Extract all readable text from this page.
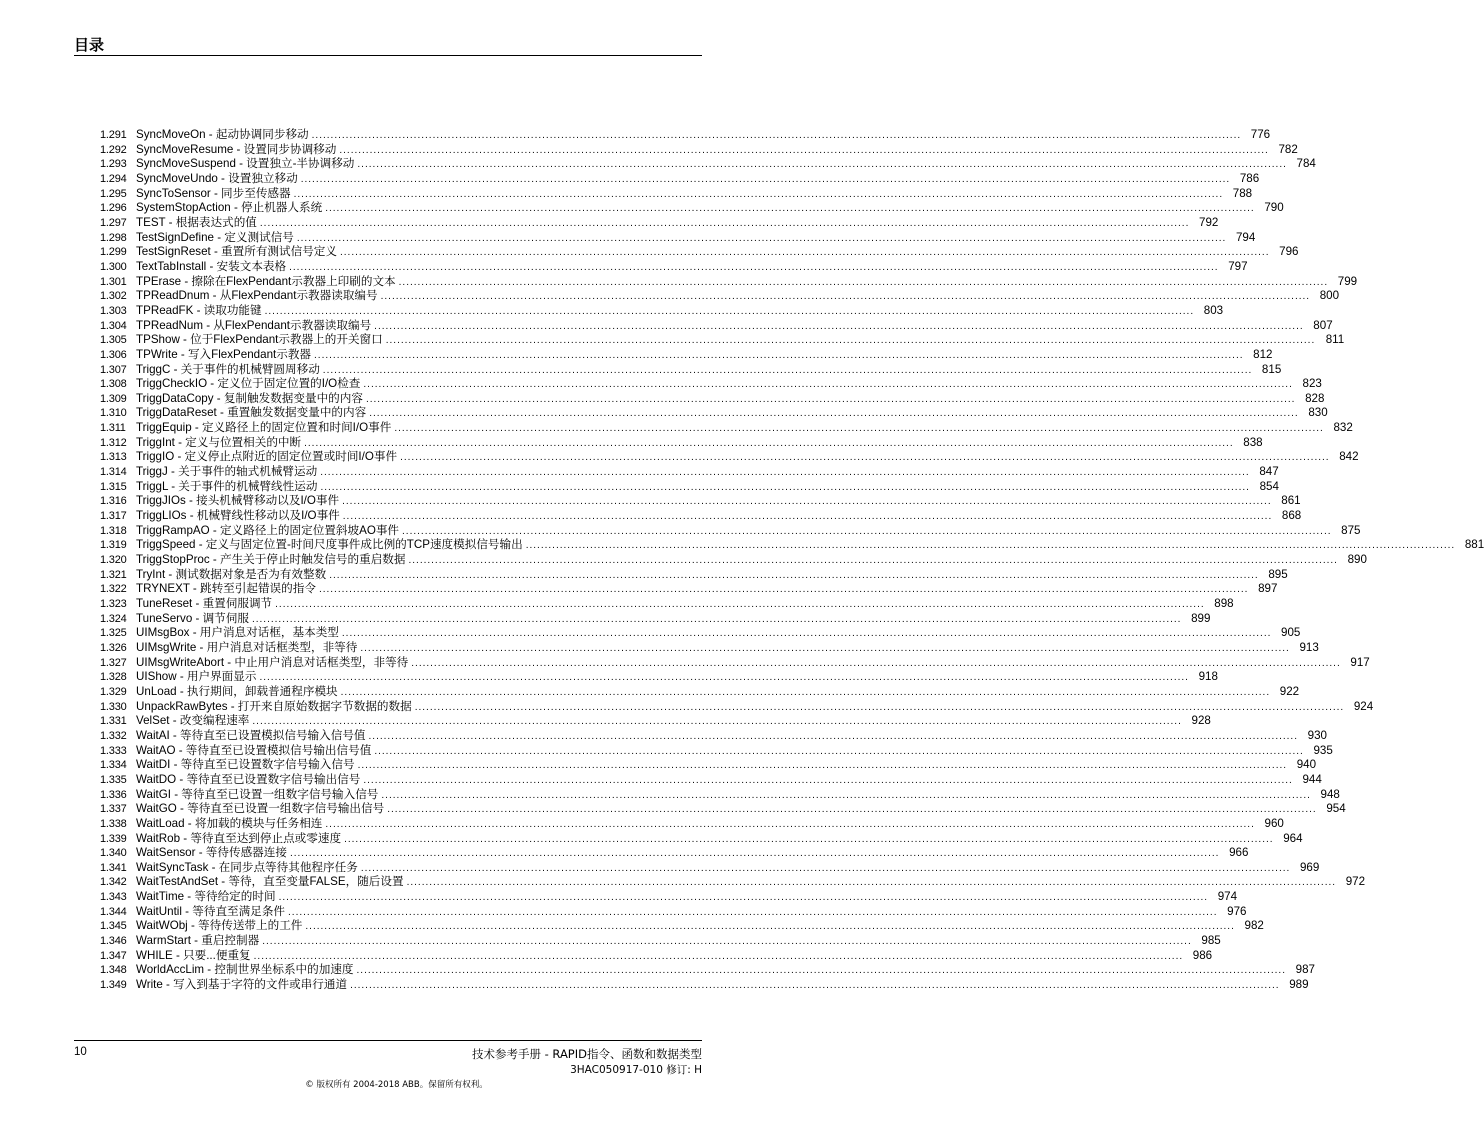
目录
1.291 SyncMoveOn - 起动协调同步移动 .....	776
1.292 SyncMoveResume - 设置同步协调移动 .....	782
1.293 SyncMoveSuspend - 设置独立-半协调移动 .....	784
1.294 SyncMoveUndo - 设置独立移动 .....	786
1.295 SyncToSensor - 同步至传感器 .....	788
1.296 SystemStopAction - 停止机器人系统 .....	790
1.297 TEST - 根据表达式的值 .....	792
1.298 TestSignDefine - 定义测试信号 .....	794
1.299 TestSignReset - 重置所有测试信号定义 .....	796
1.300 TextTabInstall - 安装文本表格 .....	797
1.301 TPErase - 擦除在FlexPendant示教器上印刷的文本 .....	799
1.302 TPReadDnum - 从FlexPendant示教器读取编号 .....	800
1.303 TPReadFK - 读取功能键 .....	803
1.304 TPReadNum - 从FlexPendant示教器读取编号 .....	807
1.305 TPShow - 位于FlexPendant示教器上的开关窗口 .....	811
1.306 TPWrite - 写入FlexPendant示教器 .....	812
1.307 TriggC - 关于事件的机械臂圆周移动 .....	815
1.308 TriggCheckIO - 定义位于固定位置的I/O检查 .....	823
1.309 TriggDataCopy - 复制触发数据变量中的内容 .....	828
1.310 TriggDataReset - 重置触发数据变量中的内容 .....	830
1.311 TriggEquip - 定义路径上的固定位置和时间I/O事件 .....	832
1.312 TriggInt - 定义与位置相关的中断 .....	838
1.313 TriggIO - 定义停止点附近的固定位置或时间I/O事件 .....	842
1.314 TriggJ - 关于事件的轴式机械臂运动 .....	847
1.315 TriggL - 关于事件的机械臂线性运动 .....	854
1.316 TriggJIOs - 接头机械臂移动以及I/O事件 .....	861
1.317 TriggLIOs - 机械臂线性移动以及I/O事件 .....	868
1.318 TriggRampAO - 定义路径上的固定位置斜坡AO事件 .....	875
1.319 TriggSpeed - 定义与固定位置-时间尺度事件成比例的TCP速度模拟信号输出 .....	881
1.320 TriggStopProc - 产生关于停止时触发信号的重启数据 .....	890
1.321 TryInt - 测试数据对象是否为有效整数 .....	895
1.322 TRYNEXT - 跳转至引起错误的指令 .....	897
1.323 TuneReset - 重置伺服调节 .....	898
1.324 TuneServo - 调节伺服 .....	899
1.325 UIMsgBox - 用户消息对话框，基本类型 .....	905
1.326 UIMsgWrite - 用户消息对话框类型，非等待 .....	913
1.327 UIMsgWriteAbort - 中止用户消息对话框类型，非等待 .....	917
1.328 UIShow - 用户界面显示 .....	918
1.329 UnLoad - 执行期间，卸载普通程序模块 .....	922
1.330 UnpackRawBytes - 打开来自原始数据字节数据的数据 .....	924
1.331 VelSet - 改变编程速率 .....	928
1.332 WaitAI - 等待直至已设置模拟信号输入信号值 .....	930
1.333 WaitAO - 等待直至已设置模拟信号输出信号值 .....	935
1.334 WaitDI - 等待直至已设置数字信号输入信号 .....	940
1.335 WaitDO - 等待直至已设置数字信号输出信号 .....	944
1.336 WaitGI - 等待直至已设置一组数字信号输入信号 .....	948
1.337 WaitGO - 等待直至已设置一组数字信号输出信号 .....	954
1.338 WaitLoad - 将加载的模块与任务相连 .....	960
1.339 WaitRob - 等待直至达到停止点或零速度 .....	964
1.340 WaitSensor - 等待传感器连接 .....	966
1.341 WaitSyncTask - 在同步点等待其他程序任务 .....	969
1.342 WaitTestAndSet - 等待，直至变量FALSE，随后设置 .....	972
1.343 WaitTime - 等待给定的时间 .....	974
1.344 WaitUntil - 等待直至满足条件 .....	976
1.345 WaitWObj - 等待传送带上的工件 .....	982
1.346 WarmStart - 重启控制器 .....	985
1.347 WHILE - 只要...便重复 .....	986
1.348 WorldAccLim - 控制世界坐标系中的加速度 .....	987
1.349 Write - 写入到基于字符的文件或串行通道 .....	989
10	技术参考手册 - RAPID指令、函数和数据类型
3HAC050917-010 修订: H
© 版权所有 2004-2018 ABB。保留所有权利。
